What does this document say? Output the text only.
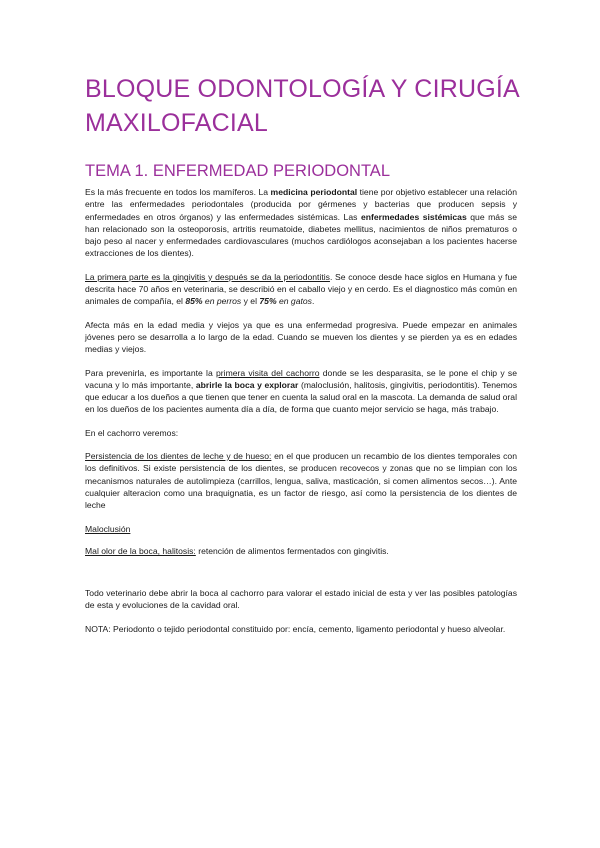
BLOQUE ODONTOLOGÍA Y CIRUGÍA MAXILOFACIAL
TEMA 1. ENFERMEDAD PERIODONTAL

Es la más frecuente en todos los mamíferos. La medicina periodontal tiene por objetivo establecer una relación entre las enfermedades periodontales (producida por gérmenes y bacterias que producen sepsis y enfermedades en otros órganos) y las enfermedades sistémicas. Las enfermedades sistémicas que más se han relacionado son la osteoporosis, artritis reumatoide, diabetes mellitus, nacimientos de niños prematuros o bajo peso al nacer y enfermedades cardiovasculares (muchos cardiólogos aconsejaban a los pacientes hacerse extracciones de los dientes).

La primera parte es la gingivitis y después se da la periodontitis. Se conoce desde hace siglos en Humana y fue descrita hace 70 años en veterinaria, se describió en el caballo viejo y en cerdo. Es el diagnostico más común en animales de compañía, el 85% en perros y el 75% en gatos.

Afecta más en la edad media y viejos ya que es una enfermedad progresiva. Puede empezar en animales jóvenes pero se desarrolla a lo largo de la edad. Cuando se mueven los dientes y se pierden ya es en edades medias y viejos.

Para prevenirla, es importante la primera visita del cachorro donde se les desparasita, se le pone el chip y se vacuna y lo más importante, abrirle la boca y explorar (maloclusión, halitosis, gingivitis, periodontitis). Tenemos que educar a los dueños a que tienen que tener en cuenta la salud oral en la mascota. La demanda de salud oral en los dueños de los pacientes aumenta día a día, de forma que cuanto mejor servicio se haga, más trabajo.

En el cachorro veremos:

Persistencia de los dientes de leche y de hueso: en el que producen un recambio de los dientes temporales con los definitivos. Si existe persistencia de los dientes, se producen recovecos y zonas que no se limpian con los mecanismos naturales de autolimpieza (carrillos, lengua, saliva, masticación, si comen alimentos secos…). Ante cualquier alteracion como una braquignatia, es un factor de riesgo, así como la persistencia de los dientes de leche

Maloclusión

Mal olor de la boca, halitosis: retención de alimentos fermentados con gingivitis.

Todo veterinario debe abrir la boca al cachorro para valorar el estado inicial de esta y ver las posibles patologías de esta y evoluciones de la cavidad oral.

NOTA: Periodonto o tejido periodontal constituido por: encía, cemento, ligamento periodontal y hueso alveolar.
